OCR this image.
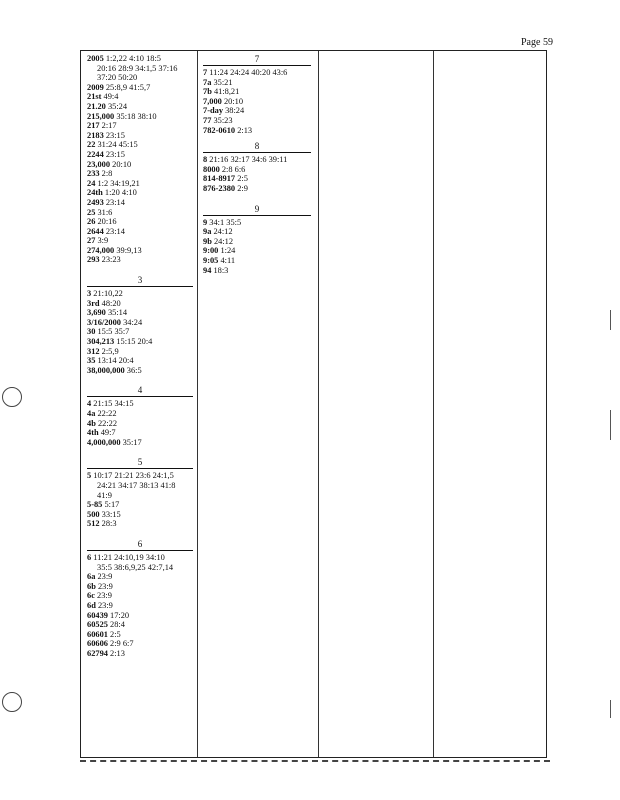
Page 59
2005 1:2,22 4:10 18:5
20:16 28:9 34:1,5 37:16
37:20 50:20
2009 25:8,9 41:5,7
21st 49:4
21.20 35:24
215,000 35:18 38:10
217 2:17
2183 23:15
22 31:24 45:15
2244 23:15
23,000 20:10
233 2:8
24 1:2 34:19,21
24th 1:20 4:10
2493 23:14
25 31:6
26 20:16
2644 23:14
27 3:9
274,000 39:9,13
293 23:23
3
3 21:10,22
3rd 48:20
3,690 35:14
3/16/2000 34:24
30 15:5 35:7
304,213 15:15 20:4
312 2:5,9
35 13:14 20:4
38,000,000 36:5
4
4 21:15 34:15
4a 22:22
4b 22:22
4th 49:7
4,000,000 35:17
5
5 10:17 21:21 23:6 24:1,5
24:21 34:17 38:13 41:8
41:9
5-85 5:17
500 33:15
512 28:3
6
6 11:21 24:10,19 34:10
35:5 38:6,9,25 42:7,14
6a 23:9
6b 23:9
6c 23:9
6d 23:9
60439 17:20
60525 28:4
60601 2:5
60606 2:9 6:7
62794 2:13
7
7 11:24 24:24 40:20 43:6
7a 35:21
7b 41:8,21
7,000 20:10
7-day 38:24
77 35:23
782-0610 2:13
8
8 21:16 32:17 34:6 39:11
8000 2:8 6:6
814-8917 2:5
876-2380 2:9
9
9 34:1 35:5
9a 24:12
9b 24:12
9:00 1:24
9:05 4:11
94 18:3
